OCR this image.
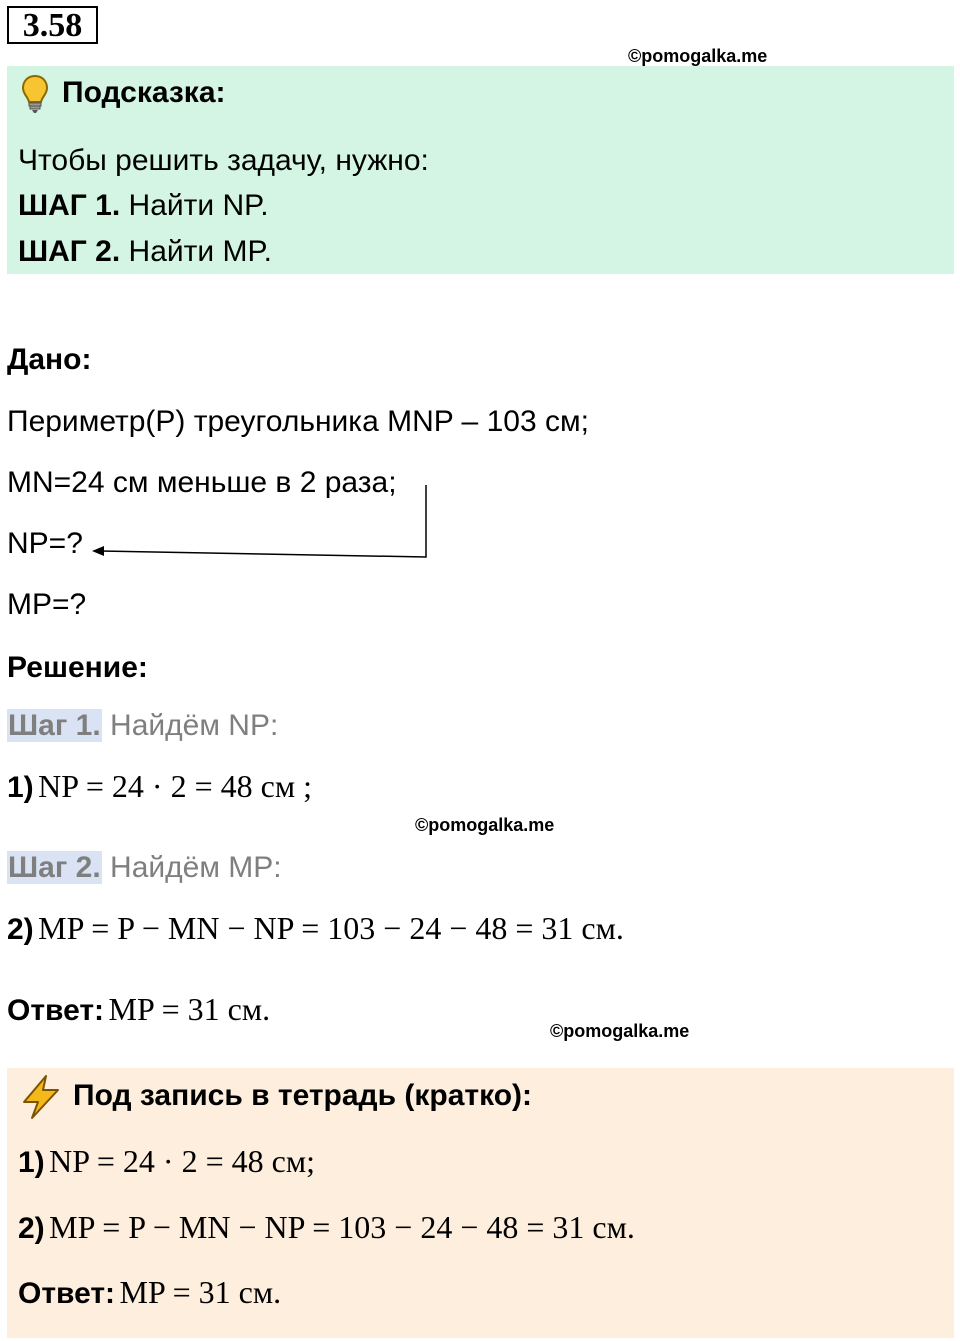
3.58
©pomogalka.me
Подсказка:
Чтобы решить задачу, нужно:
ШАГ 1. Найти NP.
ШАГ 2. Найти MP.
Дано:
Периметр(P) треугольника MNP – 103 см;
MN=24 см меньше в 2 раза;
NP=?
MP=?
Решение:
Шаг 1. Найдём NP:
1) NP = 24 · 2 = 48 см ;
©pomogalka.me
Шаг 2. Найдём MP:
2) MP = P − MN − NP = 103 − 24 − 48 = 31 см.
Ответ: MP = 31 см.
©pomogalka.me
Под запись в тетрадь (кратко):
1) NP = 24 · 2 = 48 см;
2) MP = P − MN − NP = 103 − 24 − 48 = 31 см.
Ответ: MP = 31 см.
